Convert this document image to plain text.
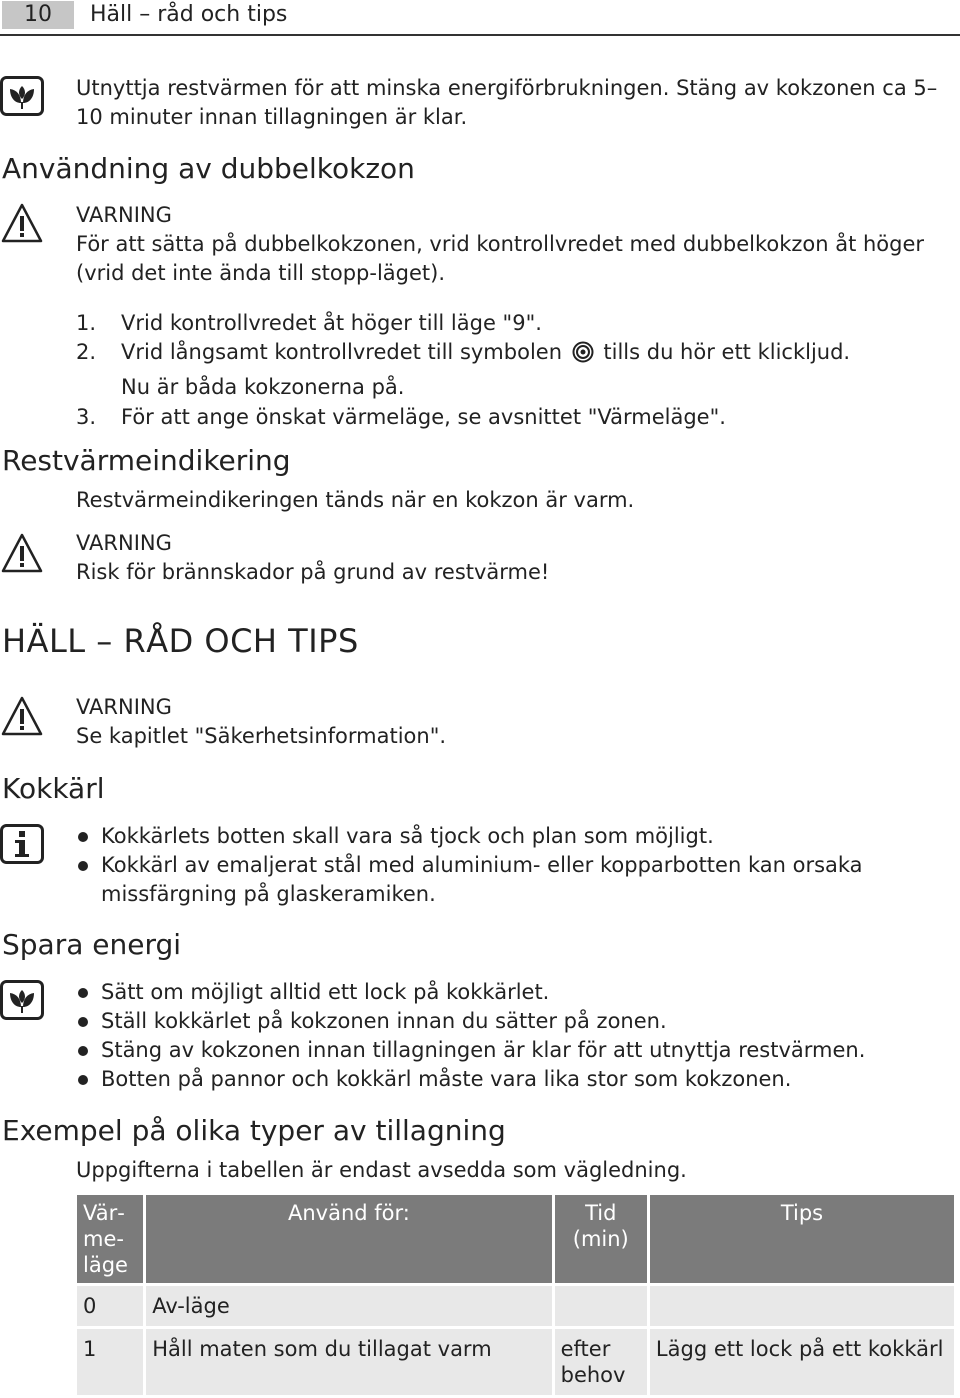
10	Häll – råd och tips
Utnyttja restvärmen för att minska energiförbrukningen. Stäng av kokzonen ca 5–10 minuter innan tillagningen är klar.
Användning av dubbelkokzon
VARNING
För att sätta på dubbelkokzonen, vrid kontrollvredet med dubbelkokzon åt höger (vrid det inte ända till stopp-läget).
1. Vrid kontrollvredet åt höger till läge "9".
2. Vrid långsamt kontrollvredet till symbolen tills du hör ett klickljud.
Nu är båda kokzonerna på.
3. För att ange önskat värmeläge, se avsnittet "Värmeläge".
Restvärmeindikering
Restvärmeindikeringen tänds när en kokzon är varm.
VARNING
Risk för brännskador på grund av restvärme!
HÄLL – RÅD OCH TIPS
VARNING
Se kapitlet "Säkerhetsinformation".
Kokkärl
Kokkärlets botten skall vara så tjock och plan som möjligt.
Kokkärl av emaljerat stål med aluminium- eller kopparbotten kan orsaka missfärgning på glaskeramiken.
Spara energi
Sätt om möjligt alltid ett lock på kokkärlet.
Ställ kokkärlet på kokzonen innan du sätter på zonen.
Stäng av kokzonen innan tillagningen är klar för att utnyttja restvärmen.
Botten på pannor och kokkärl måste vara lika stor som kokzonen.
Exempel på olika typer av tillagning
Uppgifterna i tabellen är endast avsedda som vägledning.
Värmeläge	Använd för:	Tid (min)	Tips
0	Av-läge		
1	Håll maten som du tillagat varm	efter behov	Lägg ett lock på ett kokkärl
